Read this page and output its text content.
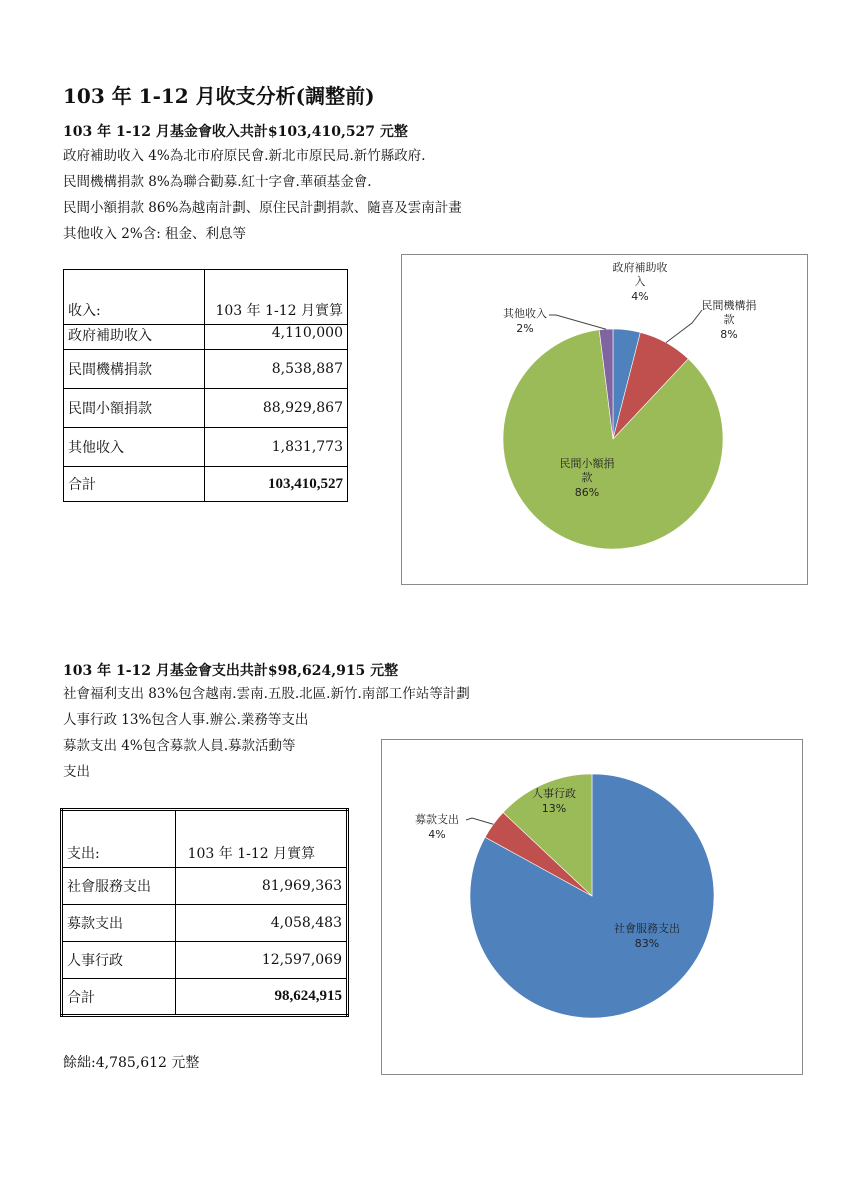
103 年 1-12 月收支分析(調整前)
103 年 1-12 月基金會收入共計$103,410,527 元整
政府補助收入 4%為北市府原民會.新北市原民局.新竹縣政府.
民間機構捐款 8%為聯合勸募.紅十字會.華碩基金會.
民間小額捐款 86%為越南計劃、原住民計劃捐款、隨喜及雲南計畫
其他收入 2%含: 租金、利息等
收入:	103 年 1-12 月實算
政府補助收入	4,110,000
民間機構捐款	8,538,887
民間小額捐款	88,929,867
其他收入	1,831,773
合計	103,410,527
政府補助收入 4%
民間機構捐款 8%
民間小額捐款 86%
其他收入 2%
103 年 1-12 月基金會支出共計$98,624,915 元整
社會福利支出 83%包含越南.雲南.五股.北區.新竹.南部工作站等計劃
人事行政 13%包含人事.辦公.業務等支出
募款支出 4%包含募款人員.募款活動等
支出
支出:	103 年 1-12 月實算
社會服務支出	81,969,363
募款支出	4,058,483
人事行政	12,597,069
合計	98,624,915
社會服務支出 83%
募款支出 4%
人事行政 13%
餘絀:4,785,612 元整
